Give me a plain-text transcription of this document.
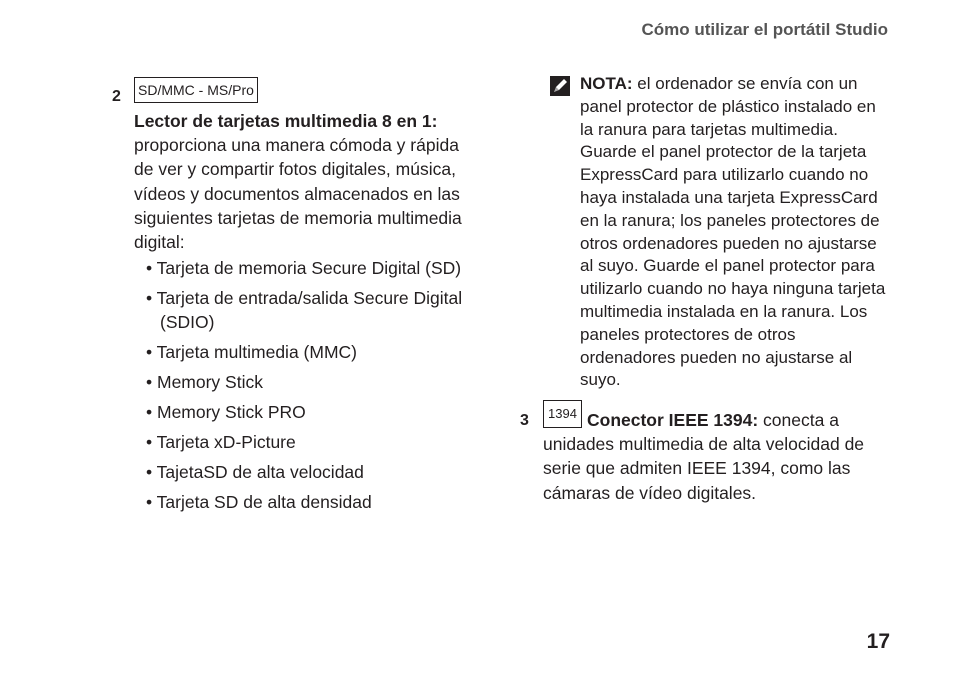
Cómo utilizar el portátil Studio
2 SD/MMC - MS/Pro
Lector de tarjetas multimedia 8 en 1: proporciona una manera cómoda y rápida de ver y compartir fotos digitales, música, vídeos y documentos almacenados en las siguientes tarjetas de memoria multimedia digital:
• Tarjeta de memoria Secure Digital (SD)
• Tarjeta de entrada/salida Secure Digital (SDIO)
• Tarjeta multimedia (MMC)
• Memory Stick
• Memory Stick PRO
• Tarjeta xD-Picture
• TajetaSD de alta velocidad
• Tarjeta SD de alta densidad
NOTA: el ordenador se envía con un panel protector de plástico instalado en la ranura para tarjetas multimedia. Guarde el panel protector de la tarjeta ExpressCard para utilizarlo cuando no haya instalada una tarjeta ExpressCard en la ranura; los paneles protectores de otros ordenadores pueden no ajustarse al suyo. Guarde el panel protector para utilizarlo cuando no haya ninguna tarjeta multimedia instalada en la ranura. Los paneles protectores de otros ordenadores pueden no ajustarse al suyo.
3	1394 Conector IEEE 1394: conecta a unidades multimedia de alta velocidad de serie que admiten IEEE 1394, como las cámaras de vídeo digitales.
17
